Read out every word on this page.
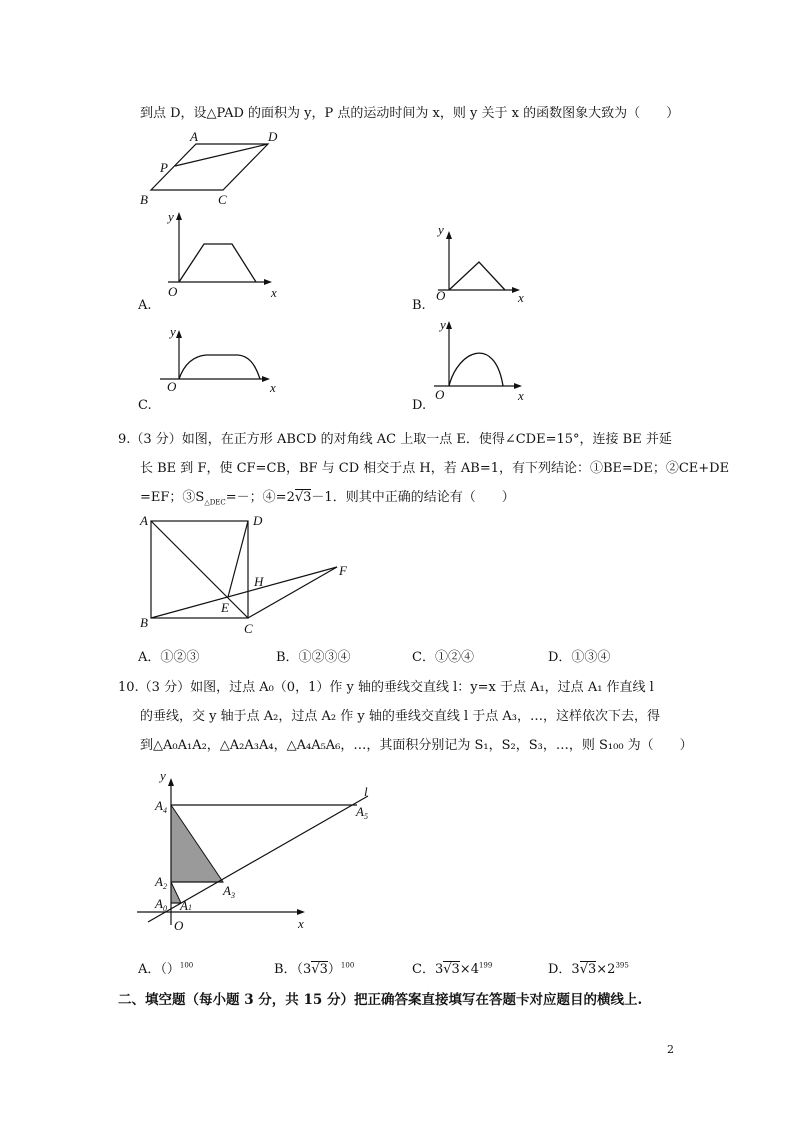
到点 D，设△PAD 的面积为 y，P 点的运动时间为 x，则 y 关于 x 的函数图象大致为（　　）
A	D
P
B	C
y
O	x
A.
y
O	x
B.
y
O	x
C.
y
O	x
D.
9.（3 分）如图，在正方形 ABCD 的对角线 AC 上取一点 E．使得∠CDE=15°，连接 BE 并延
长 BE 到 F，使 CF=CB，BF 与 CD 相交于点 H，若 AB=1，有下列结论：①BE=DE；②CE+DE
=EF；$③S_{\triangle DEC}=-$；④=2√3－1．则其中正确的结论有（　　）
A	D
H
F
E
B	C
A．①②③	B．①②③④	C．①②④	D．①③④
10.（3 分）如图，过点 A₀（0，1）作 y 轴的垂线交直线 l：y=x 于点 A₁，过点 A₁ 作直线 l
的垂线，交 y 轴于点 A₂，过点 A₂ 作 y 轴的垂线交直线 l 于点 A₃，…，这样依次下去，得
到△A₀A₁A₂，△A₂A₃A₄，△A₄A₅A₆，…，其面积分别记为 S₁，S₂，S₃，…，则 S₁₀₀ 为（　　）
y
l
$A_4$	$A_5$
$A_2$	$A_3$
$A_0$ A1
O	x
A．（）$^{100}$	B．$(3√3)^{100}$	C．$3√3\times 4^{199}$	D．$3√3\times 2^{395}$
二、填空题（每小题 3 分，共 15 分）把正确答案直接填写在答题卡对应题目的横线上.
2
